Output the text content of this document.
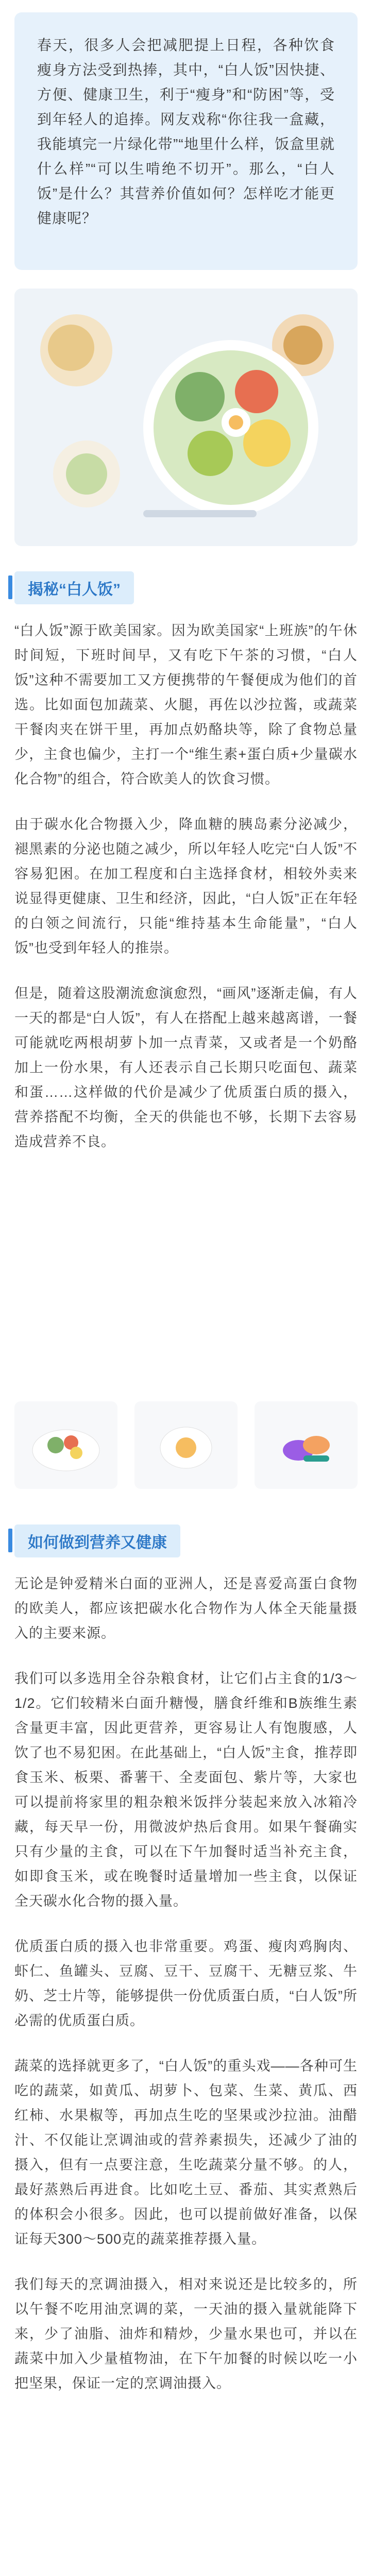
春天，很多人会把减肥提上日程，各种饮食瘦身方法受到热捧，其中，“白人饭”因快捷、方便、健康卫生，利于“瘦身”和“防困”等，受到年轻人的追捧。网友戏称“你往我一盒藏，我能填完一片绿化带”“地里什么样，饭盒里就什么样”“可以生啃绝不切开”。那么，“白人饭”是什么？其营养价值如何？怎样吃才能更健康呢？

揭秘“白人饭”

“白人饭”源于欧美国家。因为欧美国家“上班族”的午休时间短，下班时间早，又有吃下午茶的习惯，“白人饭”这种不需要加工又方便携带的午餐便成为他们的首选。比如面包加蔬菜、火腿，再佐以沙拉酱，或蔬菜干餐肉夹在饼干里，再加点奶酪块等，除了食物总量少，主食也偏少，主打一个“维生素+蛋白质+少量碳水化合物”的组合，符合欧美人的饮食习惯。

由于碳水化合物摄入少，降血糖的胰岛素分泌减少，褪黑素的分泌也随之减少，所以年轻人吃完“白人饭”不容易犯困。在加工程度和白主选择食材，相较外卖来说显得更健康、卫生和经济，因此，“白人饭”正在年轻的白领之间流行，只能“维持基本生命能量”，“白人饭”也受到年轻人的推崇。

但是，随着这股潮流愈演愈烈，“画风”逐渐走偏，有人一天的都是“白人饭”，有人在搭配上越来越离谱，一餐可能就吃两根胡萝卜加一点青菜，又或者是一个奶酪加上一份水果，有人还表示自己长期只吃面包、蔬菜和蛋……这样做的代价是减少了优质蛋白质的摄入，营养搭配不均衡，全天的供能也不够，长期下去容易造成营养不良。

如何做到营养又健康

无论是钟爱精米白面的亚洲人，还是喜爱高蛋白食物的欧美人，都应该把碳水化合物作为人体全天能量摄入的主要来源。

我们可以多选用全谷杂粮食材，让它们占主食的1/3～1/2。它们较精米白面升糖慢，膳食纤维和B族维生素含量更丰富，因此更营养，更容易让人有饱腹感，人饮了也不易犯困。在此基础上，“白人饭”主食，推荐即食玉米、板栗、番薯干、全麦面包、紫片等，大家也可以提前将家里的粗杂粮米饭拌分装起来放入冰箱冷藏，每天早一份，用微波炉热后食用。如果午餐确实只有少量的主食，可以在下午加餐时适当补充主食，如即食玉米，或在晚餐时适量增加一些主食，以保证全天碳水化合物的摄入量。

优质蛋白质的摄入也非常重要。鸡蛋、瘦肉鸡胸肉、虾仁、鱼罐头、豆腐、豆干、豆腐干、无糖豆浆、牛奶、芝士片等，能够提供一份优质蛋白质，“白人饭”所必需的优质蛋白质。

蔬菜的选择就更多了，“白人饭”的重头戏——各种可生吃的蔬菜，如黄瓜、胡萝卜、包菜、生菜、黄瓜、西红柿、水果椒等，再加点生吃的坚果或沙拉油。油醋汁、不仅能让烹调油或的营养素损失，还减少了油的摄入，但有一点要注意，生吃蔬菜分量不够。的人，最好蒸熟后再进食。比如吃土豆、番茄、其实煮熟后的体积会小很多。因此，也可以提前做好准备，以保证每天300～500克的蔬菜推荐摄入量。

我们每天的烹调油摄入，相对来说还是比较多的，所以午餐不吃用油烹调的菜，一天油的摄入量就能降下来，少了油脂、油炸和精炒，少量水果也可，并以在蔬菜中加入少量植物油，在下午加餐的时候以吃一小把坚果，保证一定的烹调油摄入。
